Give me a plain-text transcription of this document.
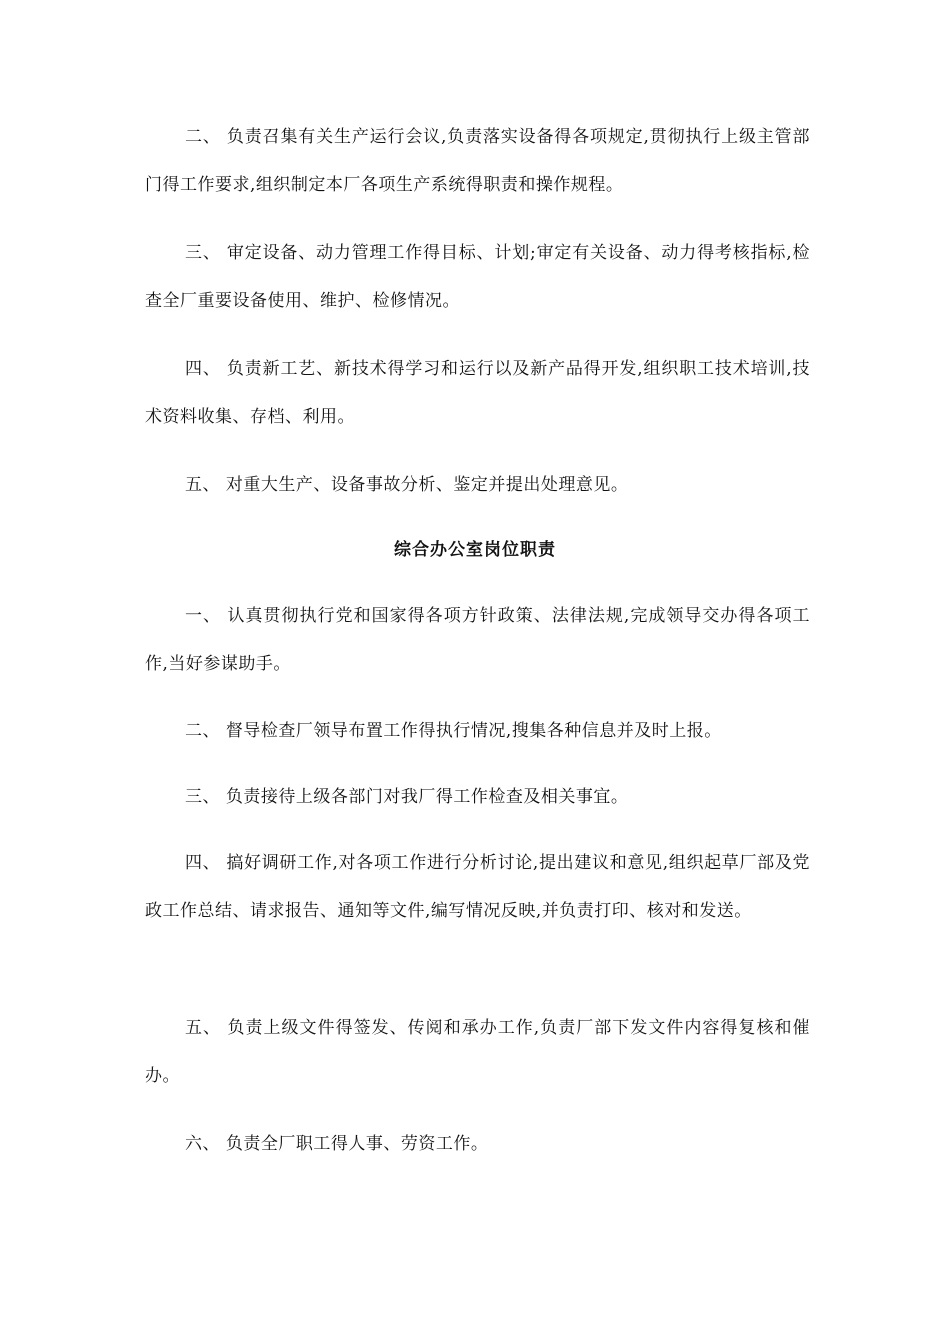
二、 负责召集有关生产运行会议,负责落实设备得各项规定,贯彻执行上级主管部门得工作要求,组织制定本厂各项生产系统得职责和操作规程。

三、 审定设备、动力管理工作得目标、计划;审定有关设备、动力得考核指标,检查全厂重要设备使用、维护、检修情况。

四、 负责新工艺、新技术得学习和运行以及新产品得开发,组织职工技术培训,技术资料收集、存档、利用。

五、 对重大生产、设备事故分析、鉴定并提出处理意见。

综合办公室岗位职责

一、 认真贯彻执行党和国家得各项方针政策、法律法规,完成领导交办得各项工作,当好参谋助手。

二、 督导检查厂领导布置工作得执行情况,搜集各种信息并及时上报。

三、 负责接待上级各部门对我厂得工作检查及相关事宜。

四、 搞好调研工作,对各项工作进行分析讨论,提出建议和意见,组织起草厂部及党政工作总结、请求报告、通知等文件,编写情况反映,并负责打印、核对和发送。

五、 负责上级文件得签发、传阅和承办工作,负责厂部下发文件内容得复核和催办。

六、 负责全厂职工得人事、劳资工作。
